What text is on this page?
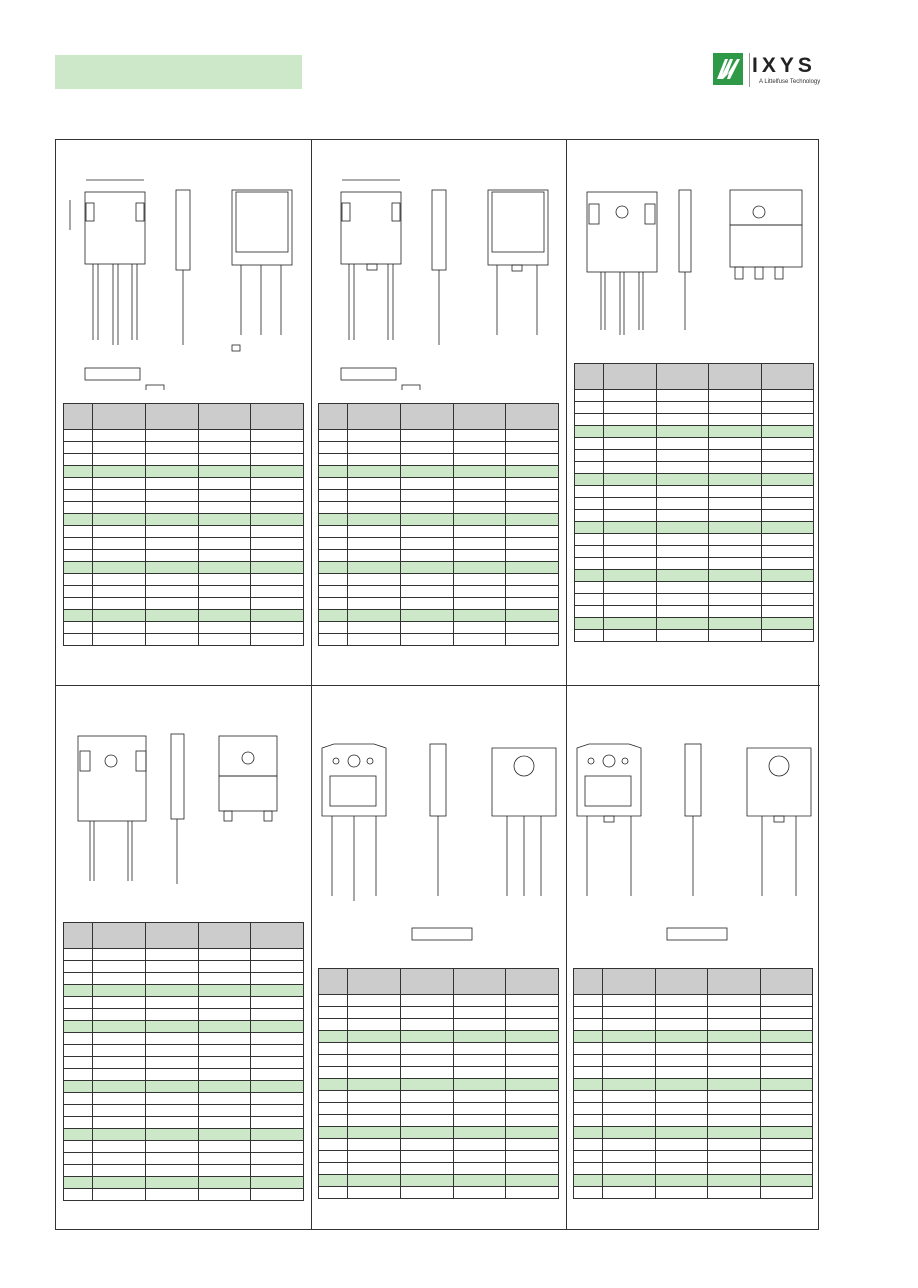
IXYS
A Littelfuse Technology
